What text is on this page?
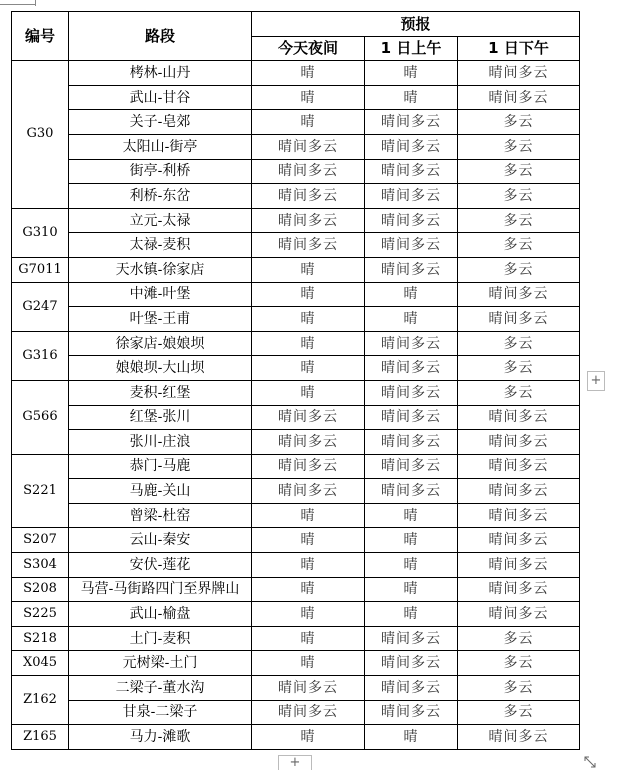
编号	路段	预报		
		今天夜间	1 日上午	1 日下午
G30	栲林-山丹	晴	晴	晴间多云
	武山-甘谷	晴	晴	晴间多云
	关子-皂郊	晴	晴间多云	多云
	太阳山-街亭	晴间多云	晴间多云	多云
	街亭-利桥	晴间多云	晴间多云	多云
	利桥-东岔	晴间多云	晴间多云	多云
G310	立元-太禄	晴间多云	晴间多云	多云
	太禄-麦积	晴间多云	晴间多云	多云
G7011	天水镇-徐家店	晴	晴间多云	多云
G247	中滩-叶堡	晴	晴	晴间多云
	叶堡-王甫	晴	晴	晴间多云
G316	徐家店-娘娘坝	晴	晴间多云	多云
	娘娘坝-大山坝	晴	晴间多云	多云
G566	麦积-红堡	晴	晴间多云	多云
	红堡-张川	晴间多云	晴间多云	晴间多云
	张川-庄浪	晴间多云	晴间多云	晴间多云
S221	恭门-马鹿	晴间多云	晴间多云	晴间多云
	马鹿-关山	晴间多云	晴间多云	晴间多云
	曾梁-杜窑	晴	晴	晴间多云
S207	云山-秦安	晴	晴	晴间多云
S304	安伏-莲花	晴	晴	晴间多云
S208	马营-马街路四门至界牌山	晴	晴	晴间多云
S225	武山-榆盘	晴	晴	晴间多云
S218	土门-麦积	晴	晴间多云	多云
X045	元树梁-土门	晴	晴间多云	多云
Z162	二梁子-董水沟	晴间多云	晴间多云	多云
	甘泉-二梁子	晴间多云	晴间多云	多云
Z165	马力-滩歌	晴	晴	晴间多云
+
+
